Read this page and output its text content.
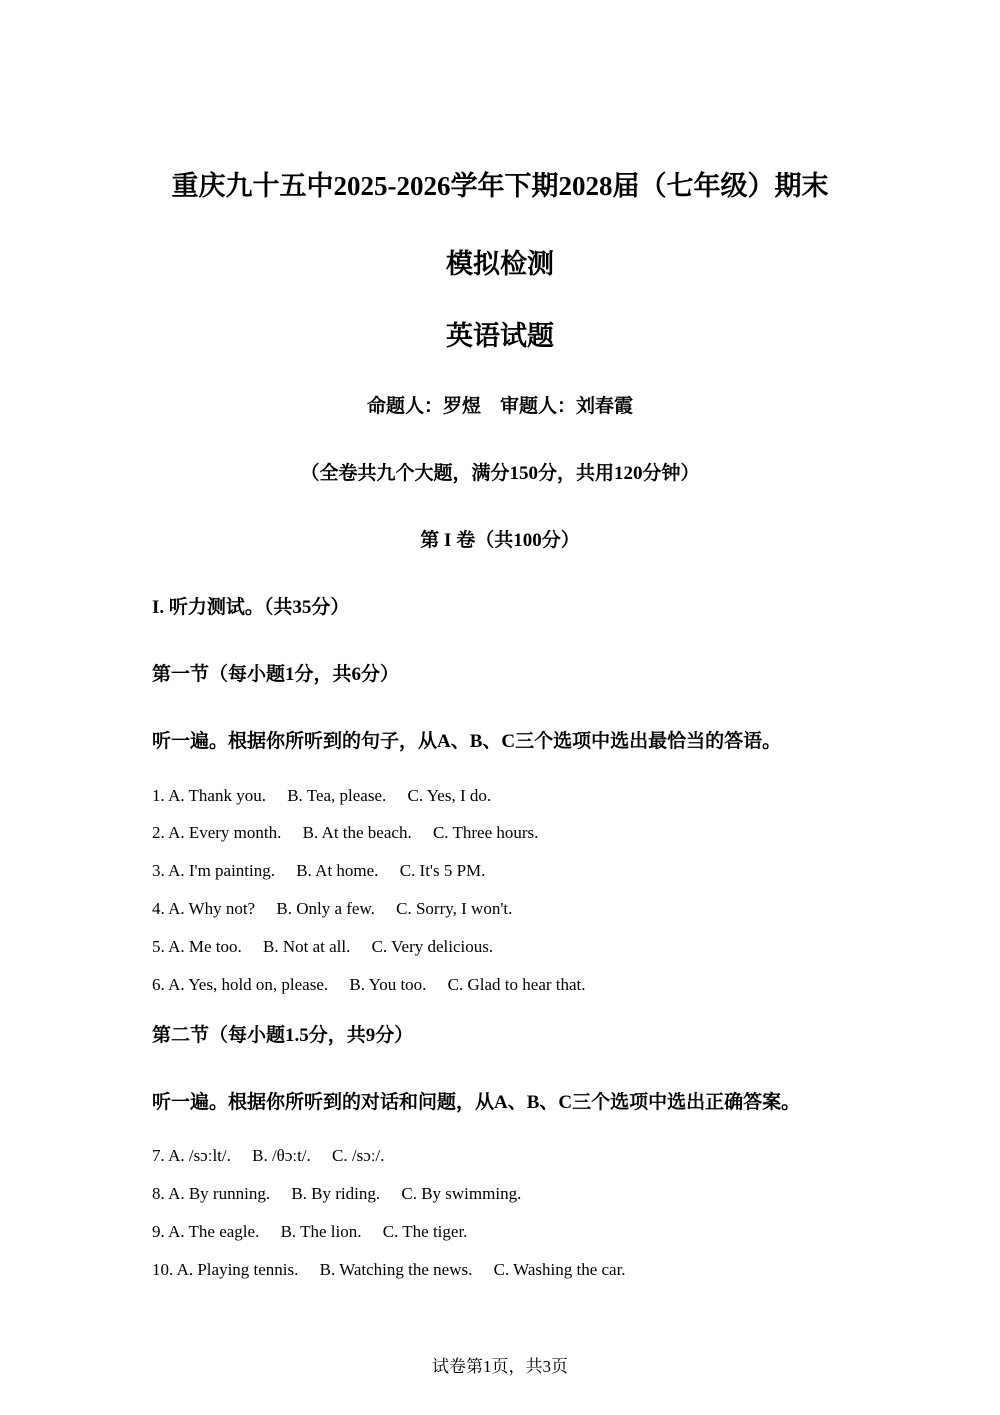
重庆九十五中2025-2026学年下期2028届（七年级）期末
模拟检测
英语试题
命题人：罗煜　审题人：刘春霞
（全卷共九个大题，满分150分，共用120分钟）
第 I 卷（共100分）
I. 听力测试。（共35分）
第一节（每小题1分，共6分）
听一遍。根据你所听到的句子，从A、B、C三个选项中选出最恰当的答语。
1. A. Thank you. B. Tea, please. C. Yes, I do.
2. A. Every month. B. At the beach. C. Three hours.
3. A. I'm painting. B. At home. C. It's 5 PM.
4. A. Why not? B. Only a few. C. Sorry, I won't.
5. A. Me too. B. Not at all. C. Very delicious.
6. A. Yes, hold on, please. B. You too. C. Glad to hear that.
第二节（每小题1.5分，共9分）
听一遍。根据你所听到的对话和问题，从A、B、C三个选项中选出正确答案。
7. A. /sɔːlt/. B. /θɔːt/. C. /sɔː/.
8. A. By running. B. By riding. C. By swimming.
9. A. The eagle. B. The lion. C. The tiger.
10. A. Playing tennis. B. Watching the news. C. Washing the car.
试卷第1页，共3页
